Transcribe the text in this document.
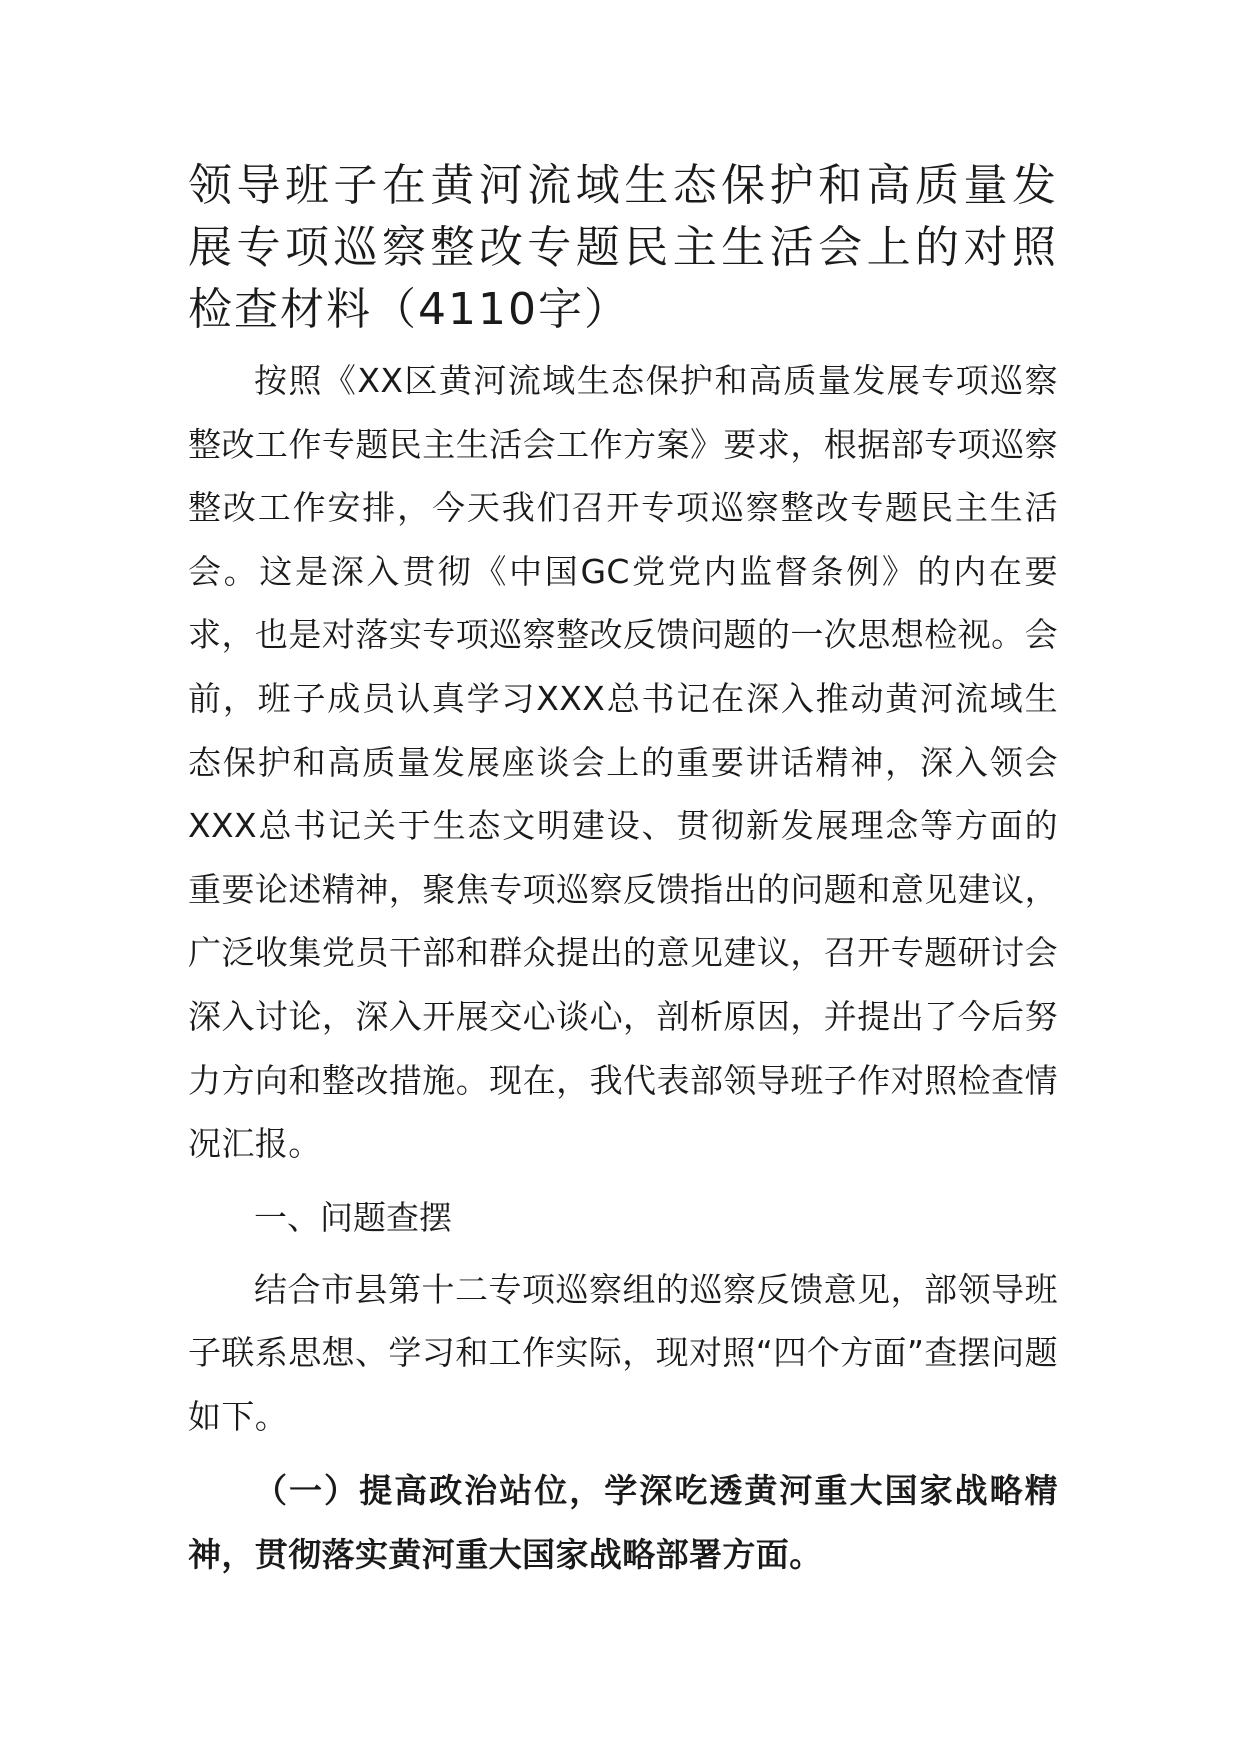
领导班子在黄河流域生态保护和高质量发展专项巡察整改专题民主生活会上的对照检查材料（4110字）

按照《XX区黄河流域生态保护和高质量发展专项巡察整改工作专题民主生活会工作方案》要求，根据部专项巡察整改工作安排，今天我们召开专项巡察整改专题民主生活会。这是深入贯彻《中国GC党党内监督条例》的内在要求，也是对落实专项巡察整改反馈问题的一次思想检视。会前，班子成员认真学习XXX总书记在深入推动黄河流域生态保护和高质量发展座谈会上的重要讲话精神，深入领会XXX总书记关于生态文明建设、贯彻新发展理念等方面的重要论述精神，聚焦专项巡察反馈指出的问题和意见建议，广泛收集党员干部和群众提出的意见建议，召开专题研讨会深入讨论，深入开展交心谈心，剖析原因，并提出了今后努力方向和整改措施。现在，我代表部领导班子作对照检查情况汇报。

一、问题查摆

结合市县第十二专项巡察组的巡察反馈意见，部领导班子联系思想、学习和工作实际，现对照“四个方面”查摆问题如下。

（一）提高政治站位，学深吃透黄河重大国家战略精神，贯彻落实黄河重大国家战略部署方面。
